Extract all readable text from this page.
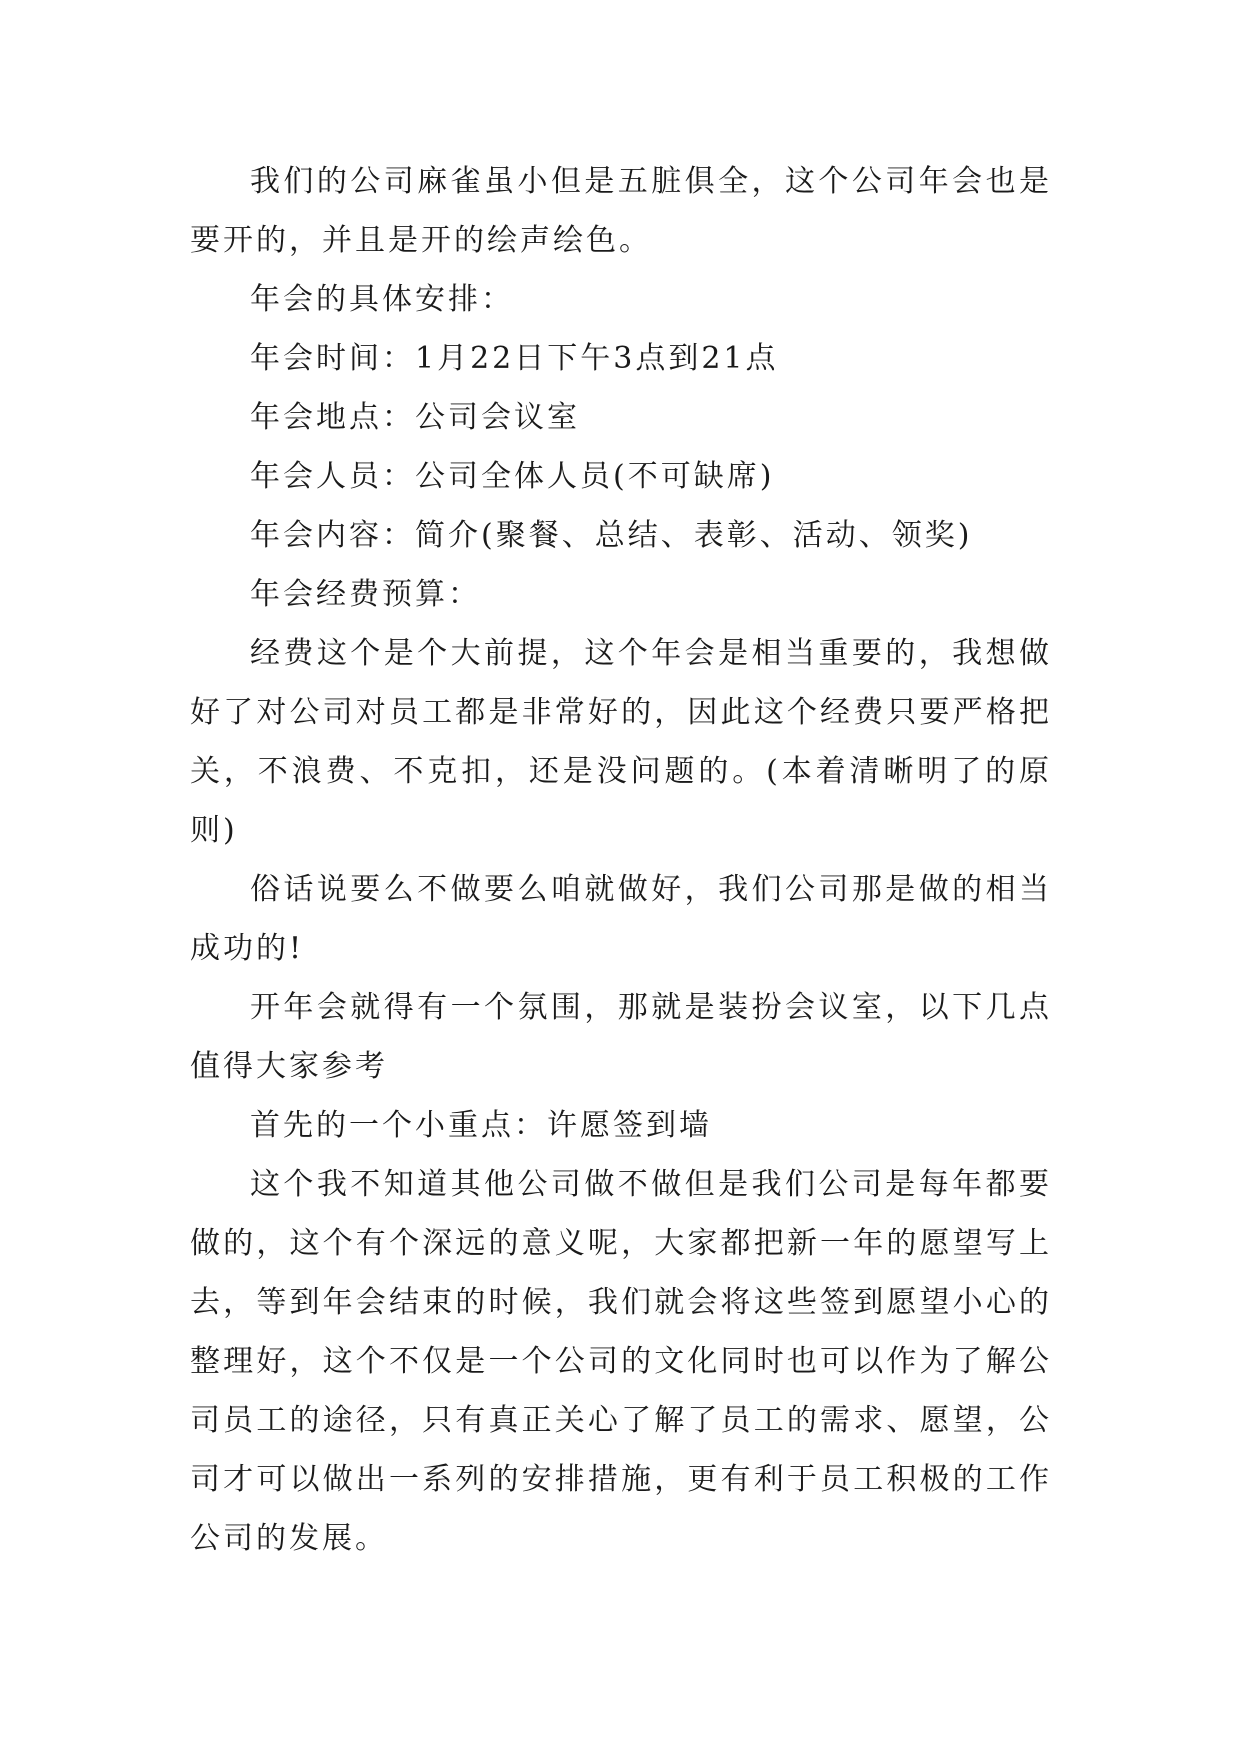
我们的公司麻雀虽小但是五脏俱全，这个公司年会也是要开的，并且是开的绘声绘色。

年会的具体安排：

年会时间：1月22日下午3点到21点

年会地点：公司会议室

年会人员：公司全体人员(不可缺席)

年会内容：简介(聚餐、总结、表彰、活动、领奖)

年会经费预算：

经费这个是个大前提，这个年会是相当重要的，我想做好了对公司对员工都是非常好的，因此这个经费只要严格把关，不浪费、不克扣，还是没问题的。(本着清晰明了的原则)

俗话说要么不做要么咱就做好，我们公司那是做的相当成功的!

开年会就得有一个氛围，那就是装扮会议室，以下几点值得大家参考

首先的一个小重点：许愿签到墙

这个我不知道其他公司做不做但是我们公司是每年都要做的，这个有个深远的意义呢，大家都把新一年的愿望写上去，等到年会结束的时候，我们就会将这些签到愿望小心的整理好，这个不仅是一个公司的文化同时也可以作为了解公司员工的途径，只有真正关心了解了员工的需求、愿望，公司才可以做出一系列的安排措施，更有利于员工积极的工作公司的发展。
